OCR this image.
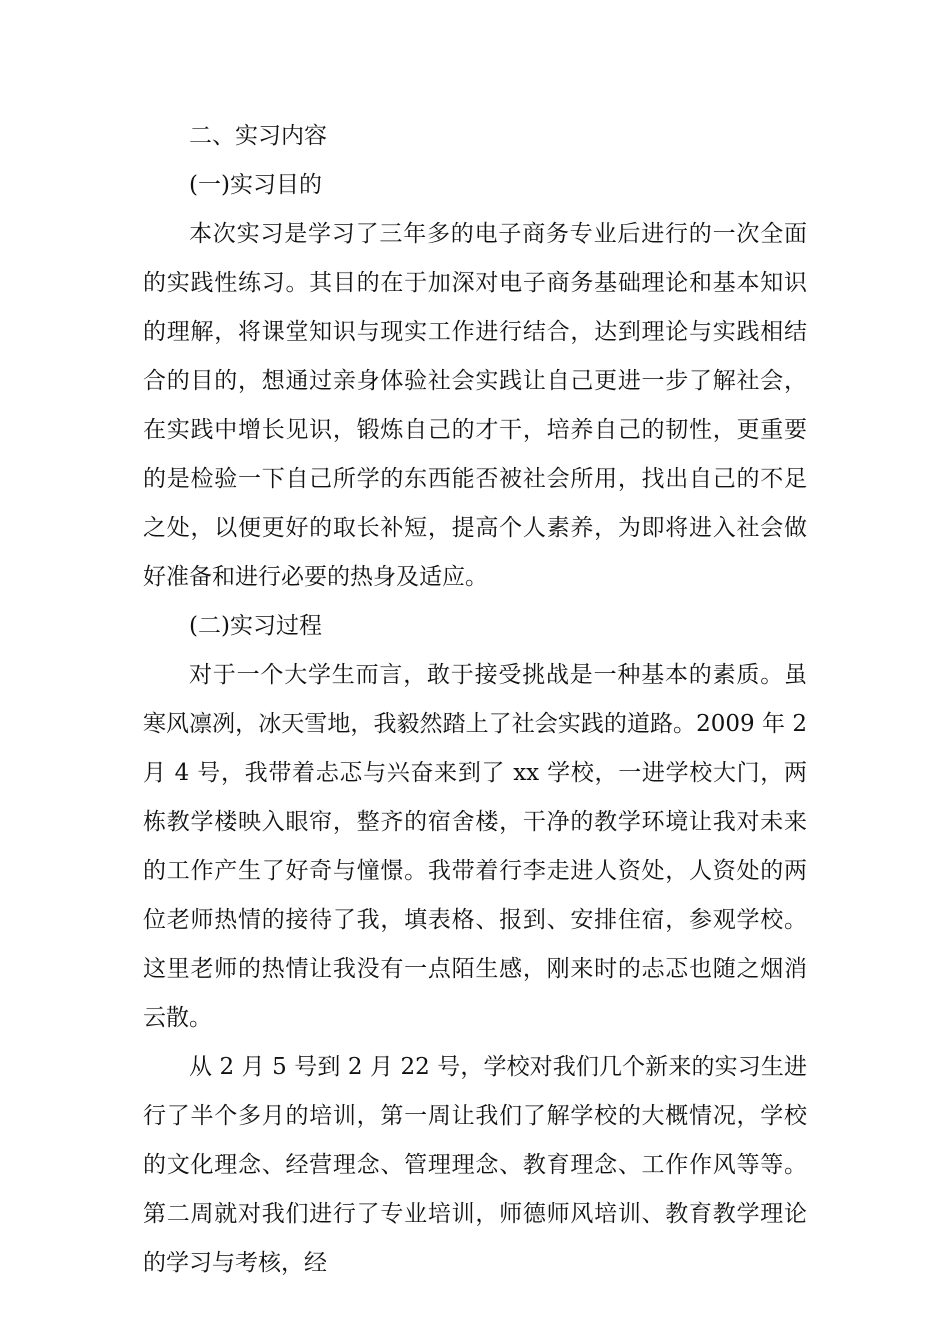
二、实习内容

(一)实习目的

本次实习是学习了三年多的电子商务专业后进行的一次全面的实践性练习。其目的在于加深对电子商务基础理论和基本知识的理解，将课堂知识与现实工作进行结合，达到理论与实践相结合的目的，想通过亲身体验社会实践让自己更进一步了解社会，在实践中增长见识，锻炼自己的才干，培养自己的韧性，更重要的是检验一下自己所学的东西能否被社会所用，找出自己的不足之处，以便更好的取长补短，提高个人素养，为即将进入社会做好准备和进行必要的热身及适应。

(二)实习过程

对于一个大学生而言，敢于接受挑战是一种基本的素质。虽寒风凛冽，冰天雪地，我毅然踏上了社会实践的道路。2009 年 2 月 4 号，我带着忐忑与兴奋来到了 xx 学校，一进学校大门，两栋教学楼映入眼帘，整齐的宿舍楼，干净的教学环境让我对未来的工作产生了好奇与憧憬。我带着行李走进人资处，人资处的两位老师热情的接待了我，填表格、报到、安排住宿，参观学校。这里老师的热情让我没有一点陌生感，刚来时的忐忑也随之烟消云散。

从 2 月 5 号到 2 月 22 号，学校对我们几个新来的实习生进行了半个多月的培训，第一周让我们了解学校的大概情况，学校的文化理念、经营理念、管理理念、教育理念、工作作风等等。第二周就对我们进行了专业培训，师德师风培训、教育教学理论的学习与考核，经
